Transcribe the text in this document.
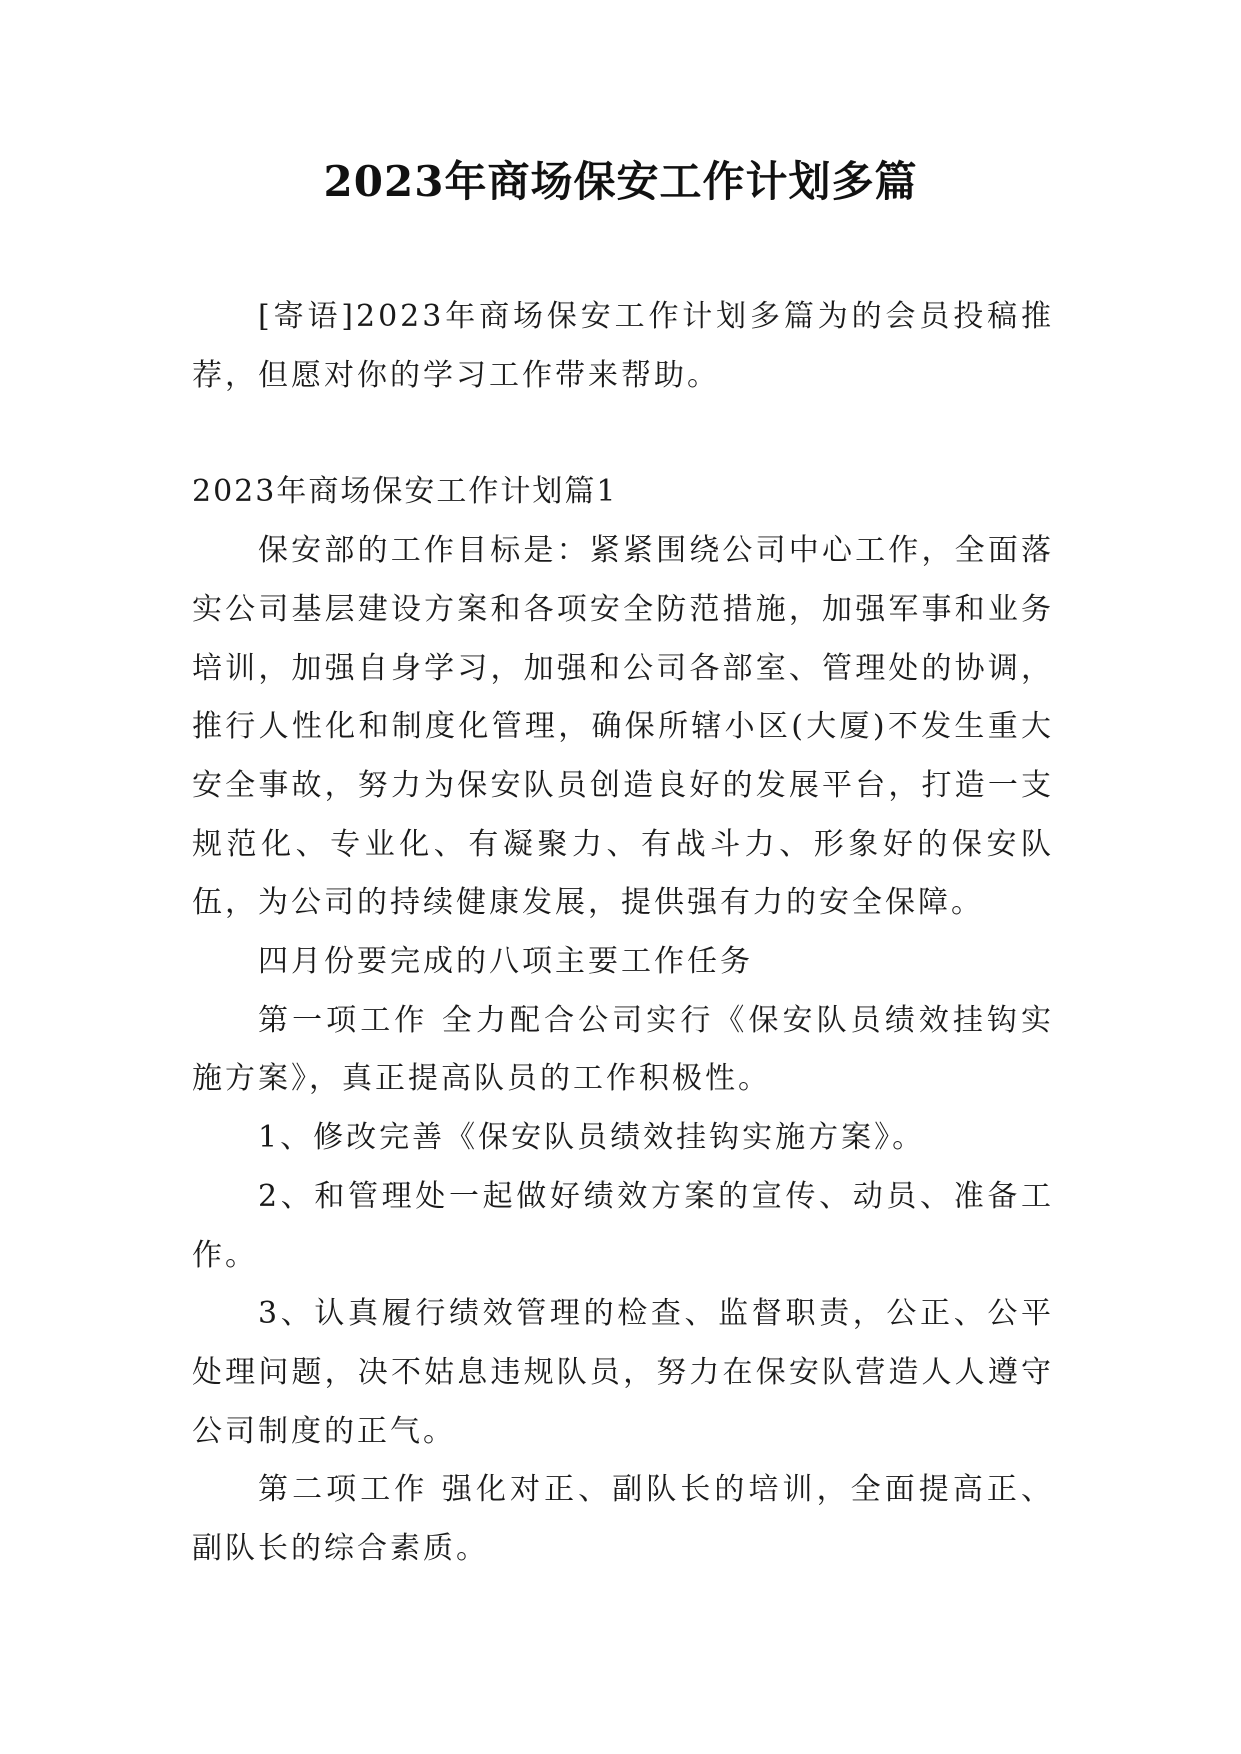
2023年商场保安工作计划多篇

[寄语]2023年商场保安工作计划多篇为的会员投稿推荐，但愿对你的学习工作带来帮助。

2023年商场保安工作计划篇1

保安部的工作目标是：紧紧围绕公司中心工作，全面落实公司基层建设方案和各项安全防范措施，加强军事和业务培训，加强自身学习，加强和公司各部室、管理处的协调，推行人性化和制度化管理，确保所辖小区(大厦)不发生重大安全事故，努力为保安队员创造良好的发展平台，打造一支规范化、专业化、有凝聚力、有战斗力、形象好的保安队伍，为公司的持续健康发展，提供强有力的安全保障。

四月份要完成的八项主要工作任务

第一项工作 全力配合公司实行《保安队员绩效挂钩实施方案》，真正提高队员的工作积极性。

1、修改完善《保安队员绩效挂钩实施方案》。

2、和管理处一起做好绩效方案的宣传、动员、准备工作。

3、认真履行绩效管理的检查、监督职责，公正、公平处理问题，决不姑息违规队员，努力在保安队营造人人遵守公司制度的正气。

第二项工作 强化对正、副队长的培训，全面提高正、副队长的综合素质。
